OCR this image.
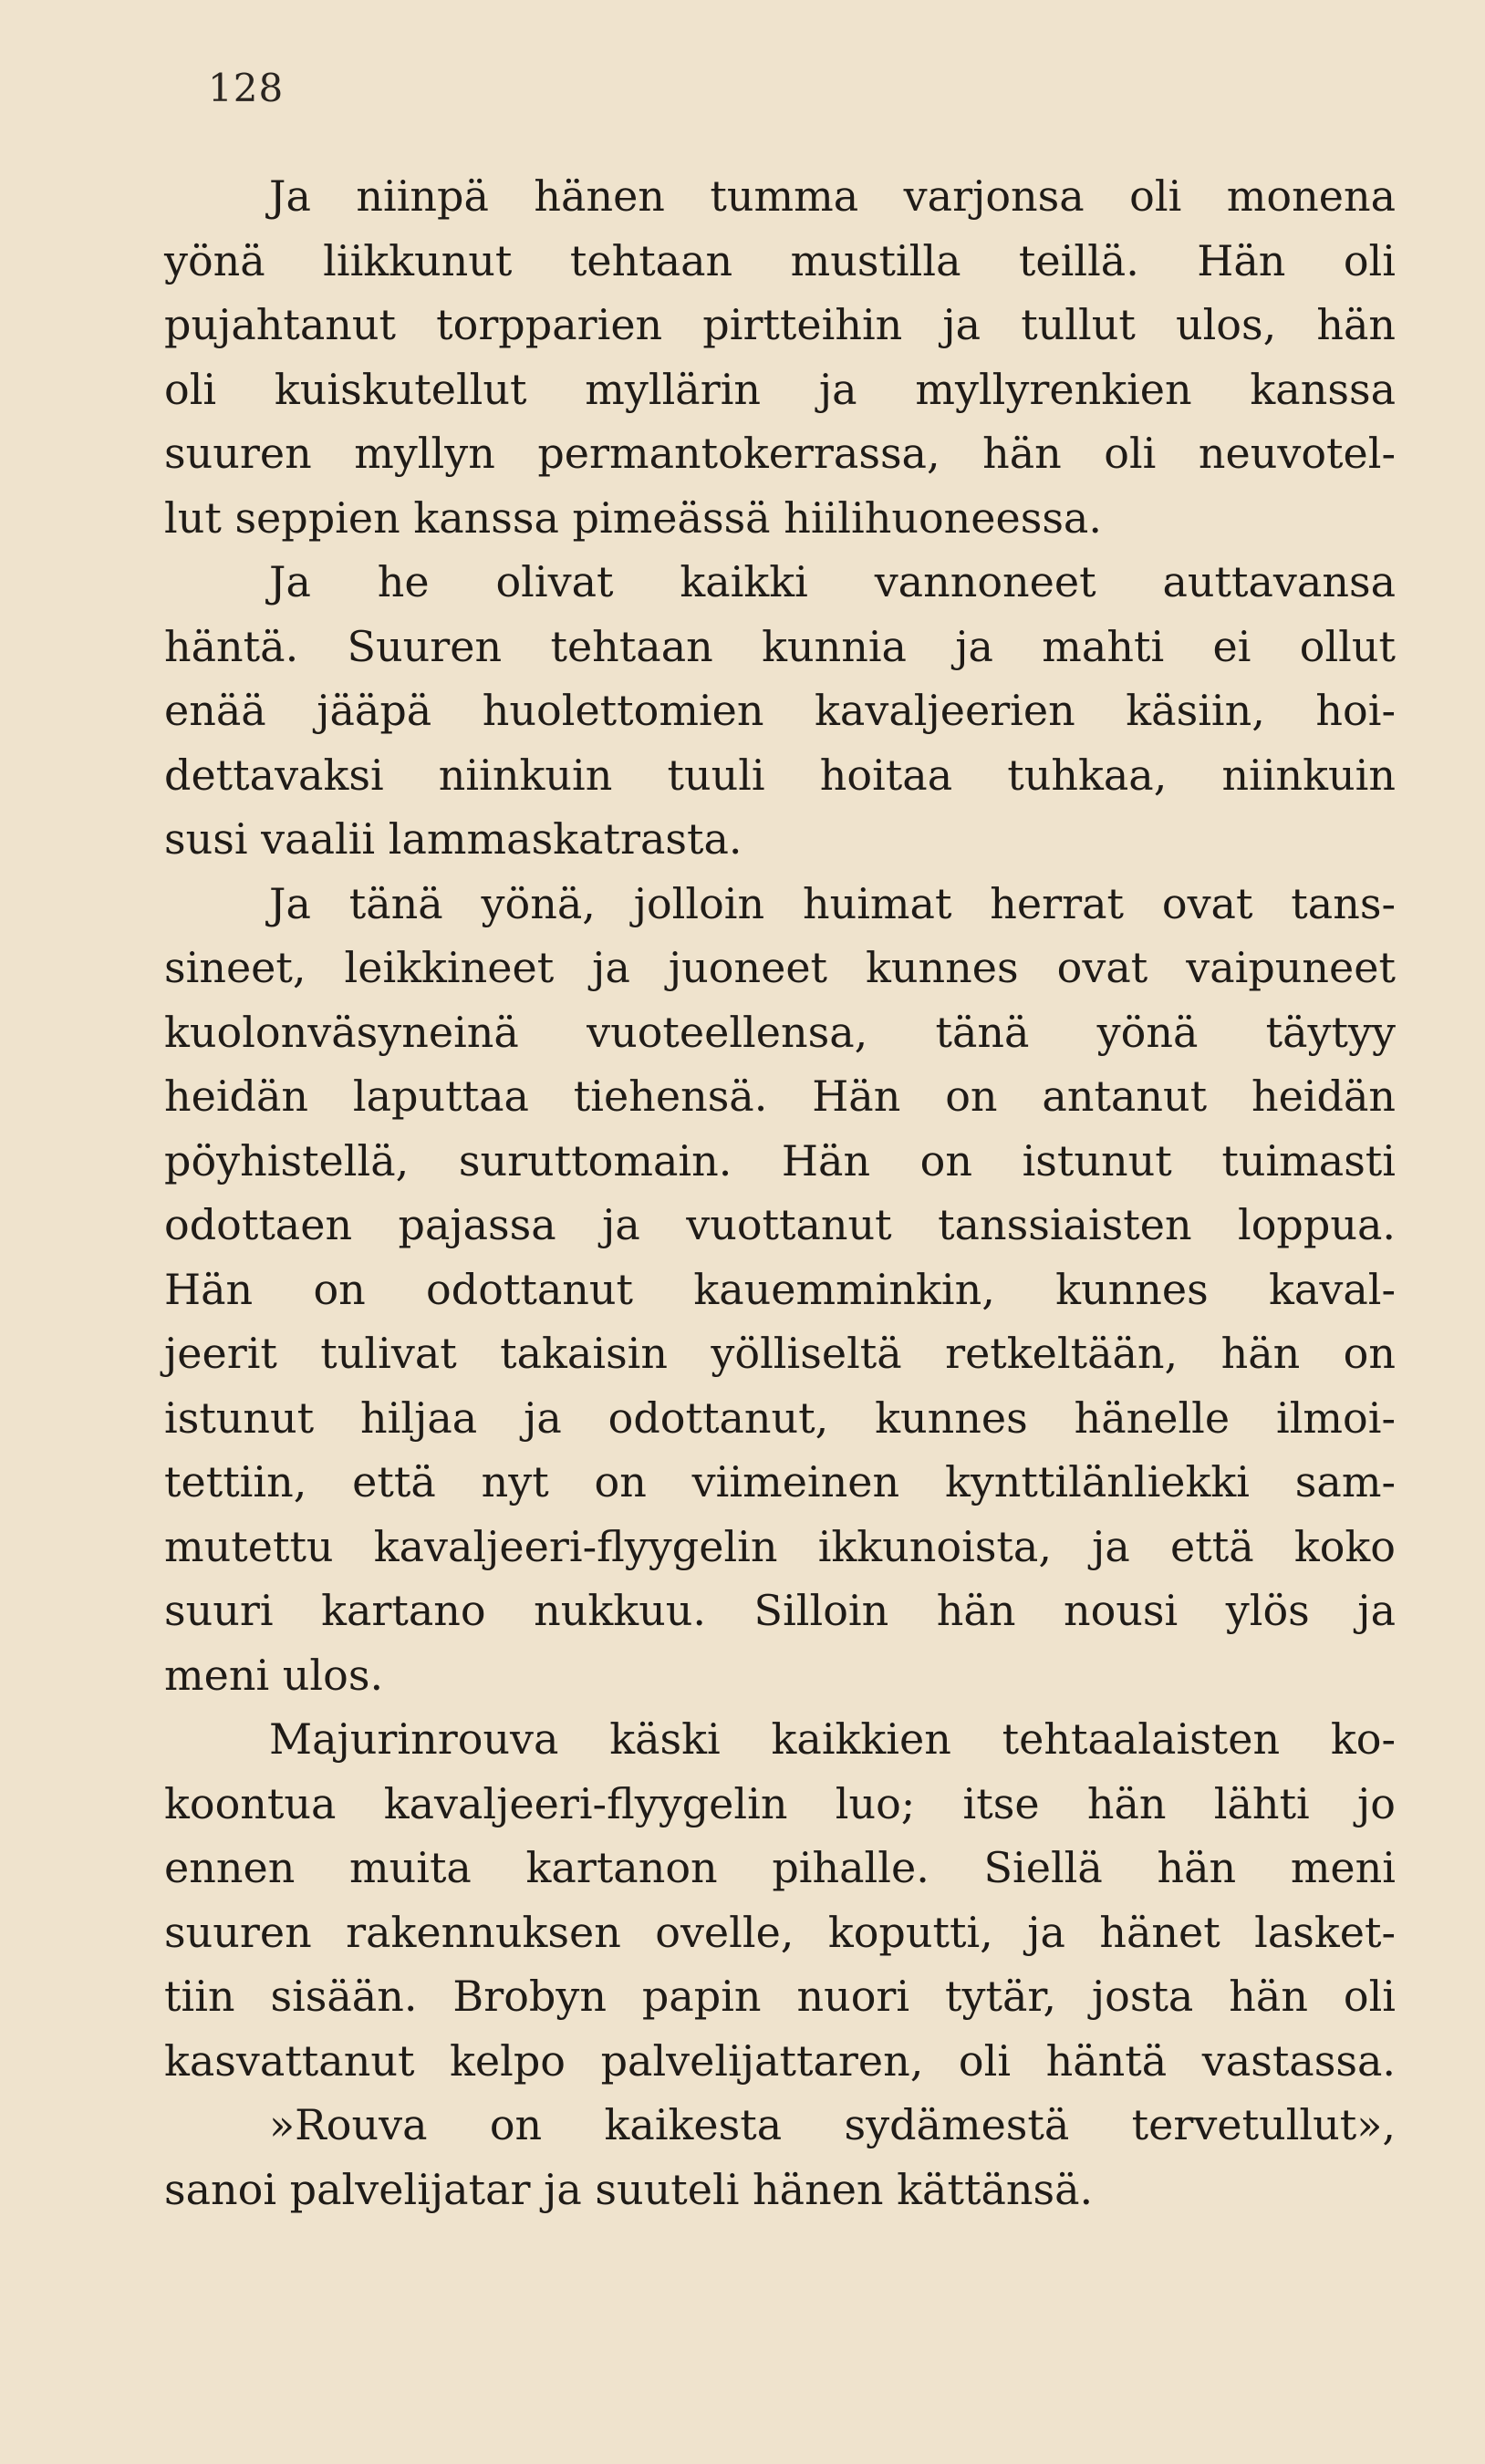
128
Ja niinpä hänen tumma varjonsa oli monena
yönä liikkunut tehtaan mustilla teillä. Hän oli
pujahtanut torpparien pirtteihin ja tullut ulos, hän
oli kuiskutellut myllärin ja myllyrenkien kanssa
suuren myllyn permantokerrassa, hän oli neuvotel-
lut seppien kanssa pimeässä hiilihuoneessa.
Ja he olivat kaikki vannoneet auttavansa
häntä. Suuren tehtaan kunnia ja mahti ei ollut
enää jääpä huolettomien kavaljeerien käsiin, hoi-
dettavaksi niinkuin tuuli hoitaa tuhkaa, niinkuin
susi vaalii lammaskatrasta.
Ja tänä yönä, jolloin huimat herrat ovat tans-
sineet, leikkineet ja juoneet kunnes ovat vaipuneet
kuolonväsyneinä vuoteellensa, tänä yönä täytyy
heidän laputtaa tiehensä. Hän on antanut heidän
pöyhistellä, suruttomain. Hän on istunut tuimasti
odottaen pajassa ja vuottanut tanssiaisten loppua.
Hän on odottanut kauemminkin, kunnes kaval-
jeerit tulivat takaisin yölliseltä retkeltään, hän on
istunut hiljaa ja odottanut, kunnes hänelle ilmoi-
tettiin, että nyt on viimeinen kynttilänliekki sam-
mutettu kavaljeeri-flyygelin ikkunoista, ja että koko
suuri kartano nukkuu. Silloin hän nousi ylös ja
meni ulos.
Majurinrouva käski kaikkien tehtaalaisten ko-
koontua kavaljeeri-flyygelin luo; itse hän lähti jo
ennen muita kartanon pihalle. Siellä hän meni
suuren rakennuksen ovelle, koputti, ja hänet lasket-
tiin sisään. Brobyn papin nuori tytär, josta hän oli
kasvattanut kelpo palvelijattaren, oli häntä vastassa.
»Rouva on kaikesta sydämestä tervetullut»,
sanoi palvelijatar ja suuteli hänen kättänsä.
